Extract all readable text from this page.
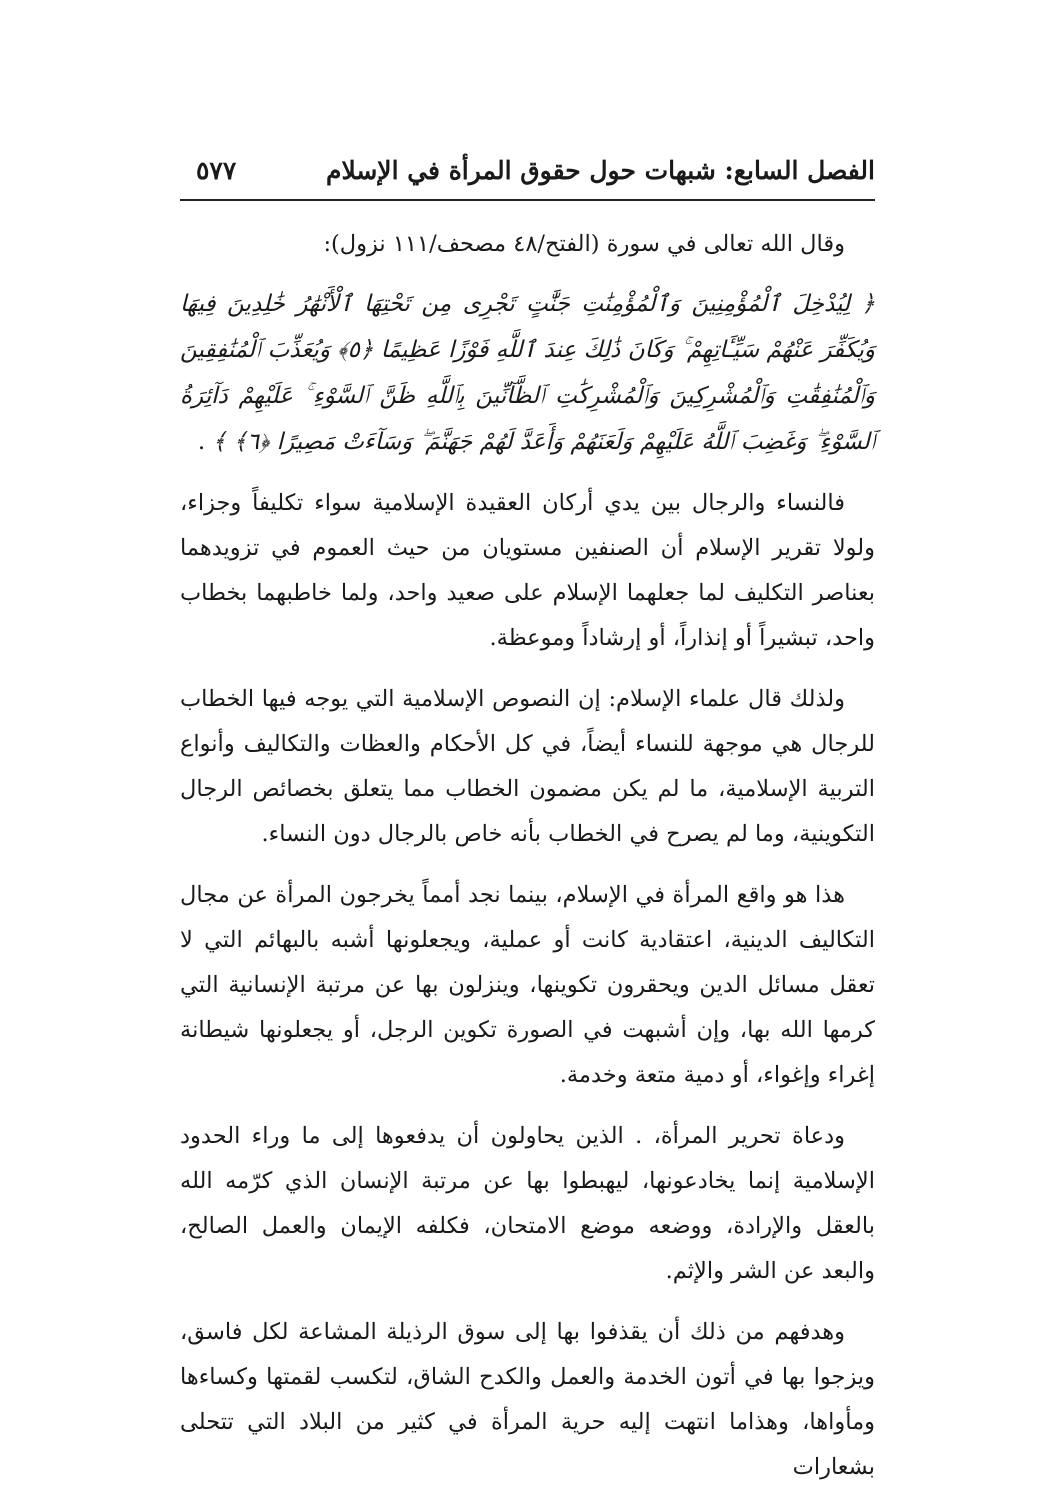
الفصل السابع: شبهات حول حقوق المرأة في الإسلام
٥٧٧

وقال الله تعالى في سورة (الفتح/٤٨ مصحف/١١١ نزول):

﴿ لِيُدْخِلَ ٱلْمُؤْمِنِينَ وَٱلْمُؤْمِنَٰتِ جَنَّٰتٍ تَجْرِى مِن تَحْتِهَا ٱلْأَنْهَٰرُ خَٰلِدِينَ فِيهَا وَيُكَفِّرَ عَنْهُمْ سَيِّـَٔاتِهِمْ ۚ وَكَانَ ذَٰلِكَ عِندَ ٱللَّهِ فَوْزًا عَظِيمًا ﴿٥﴾ وَيُعَذِّبَ ٱلْمُنَٰفِقِينَ وَٱلْمُنَٰفِقَٰتِ وَٱلْمُشْرِكِينَ وَٱلْمُشْرِكَٰتِ ٱلظَّآنِّينَ بِٱللَّهِ ظَنَّ ٱلسَّوْءِ ۚ عَلَيْهِمْ دَآئِرَةُ ٱلسَّوْءِ ۖ وَغَضِبَ ٱللَّهُ عَلَيْهِمْ وَلَعَنَهُمْ وَأَعَدَّ لَهُمْ جَهَنَّمَ ۖ وَسَآءَتْ مَصِيرًا ﴿٦﴾ ﴾ .

فالنساء والرجال بين يدي أركان العقيدة الإسلامية سواء تكليفاً وجزاء، ولولا تقرير الإسلام أن الصنفين مستويان من حيث العموم في تزويدهما بعناصر التكليف لما جعلهما الإسلام على صعيد واحد، ولما خاطبهما بخطاب واحد، تبشيراً أو إنذاراً، أو إرشاداً وموعظة.

ولذلك قال علماء الإسلام: إن النصوص الإسلامية التي يوجه فيها الخطاب للرجال هي موجهة للنساء أيضاً، في كل الأحكام والعظات والتكاليف وأنواع التربية الإسلامية، ما لم يكن مضمون الخطاب مما يتعلق بخصائص الرجال التكوينية، وما لم يصرح في الخطاب بأنه خاص بالرجال دون النساء.

هذا هو واقع المرأة في الإسلام، بينما نجد أمماً يخرجون المرأة عن مجال التكاليف الدينية، اعتقادية كانت أو عملية، ويجعلونها أشبه بالبهائم التي لا تعقل مسائل الدين ويحقرون تكوينها، وينزلون بها عن مرتبة الإنسانية التي كرمها الله بها، وإن أشبهت في الصورة تكوين الرجل، أو يجعلونها شيطانة إغراء وإغواء، أو دمية متعة وخدمة.

ودعاة تحرير المرأة، . الذين يحاولون أن يدفعوها إلى ما وراء الحدود الإسلامية إنما يخادعونها، ليهبطوا بها عن مرتبة الإنسان الذي كرّمه الله بالعقل والإرادة، ووضعه موضع الامتحان، فكلفه الإيمان والعمل الصالح، والبعد عن الشر والإثم.

وهدفهم من ذلك أن يقذفوا بها إلى سوق الرذيلة المشاعة لكل فاسق، ويزجوا بها في أتون الخدمة والعمل والكدح الشاق، لتكسب لقمتها وكساءها ومأواها، وهذاما انتهت إليه حرية المرأة في كثير من البلاد التي تتحلى بشعارات
